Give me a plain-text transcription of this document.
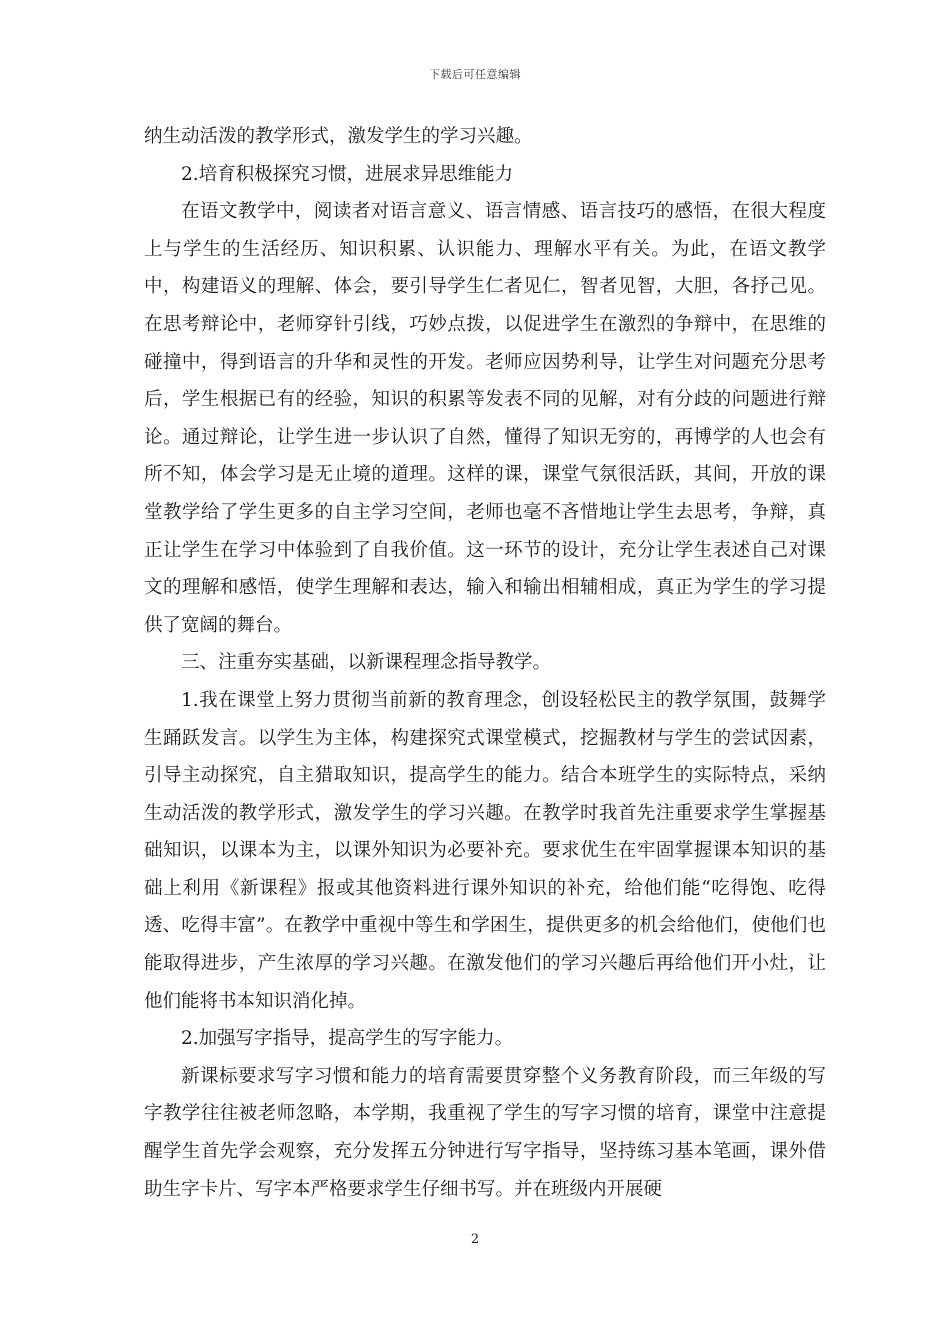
下载后可任意编辑

纳生动活泼的教学形式，激发学生的学习兴趣。

2.培育积极探究习惯，进展求异思维能力

在语文教学中，阅读者对语言意义、语言情感、语言技巧的感悟，在很大程度上与学生的生活经历、知识积累、认识能力、理解水平有关。为此，在语文教学中，构建语义的理解、体会，要引导学生仁者见仁，智者见智，大胆，各抒己见。在思考辩论中，老师穿针引线，巧妙点拨，以促进学生在激烈的争辩中，在思维的碰撞中，得到语言的升华和灵性的开发。老师应因势利导，让学生对问题充分思考后，学生根据已有的经验，知识的积累等发表不同的见解，对有分歧的问题进行辩论。通过辩论，让学生进一步认识了自然，懂得了知识无穷的，再博学的人也会有所不知，体会学习是无止境的道理。这样的课，课堂气氛很活跃，其间，开放的课堂教学给了学生更多的自主学习空间，老师也毫不吝惜地让学生去思考，争辩，真正让学生在学习中体验到了自我价值。这一环节的设计，充分让学生表述自己对课文的理解和感悟，使学生理解和表达，输入和输出相辅相成，真正为学生的学习提供了宽阔的舞台。

三、注重夯实基础，以新课程理念指导教学。

1.我在课堂上努力贯彻当前新的教育理念，创设轻松民主的教学氛围，鼓舞学生踊跃发言。以学生为主体，构建探究式课堂模式，挖掘教材与学生的尝试因素，引导主动探究，自主猎取知识，提高学生的能力。结合本班学生的实际特点，采纳生动活泼的教学形式，激发学生的学习兴趣。在教学时我首先注重要求学生掌握基础知识，以课本为主，以课外知识为必要补充。要求优生在牢固掌握课本知识的基础上利用《新课程》报或其他资料进行课外知识的补充，给他们能“吃得饱、吃得透、吃得丰富”。在教学中重视中等生和学困生，提供更多的机会给他们，使他们也能取得进步，产生浓厚的学习兴趣。在激发他们的学习兴趣后再给他们开小灶，让他们能将书本知识消化掉。

2.加强写字指导，提高学生的写字能力。

新课标要求写字习惯和能力的培育需要贯穿整个义务教育阶段，而三年级的写字教学往往被老师忽略，本学期，我重视了学生的写字习惯的培育，课堂中注意提醒学生首先学会观察，充分发挥五分钟进行写字指导，坚持练习基本笔画，课外借助生字卡片、写字本严格要求学生仔细书写。并在班级内开展硬

2
